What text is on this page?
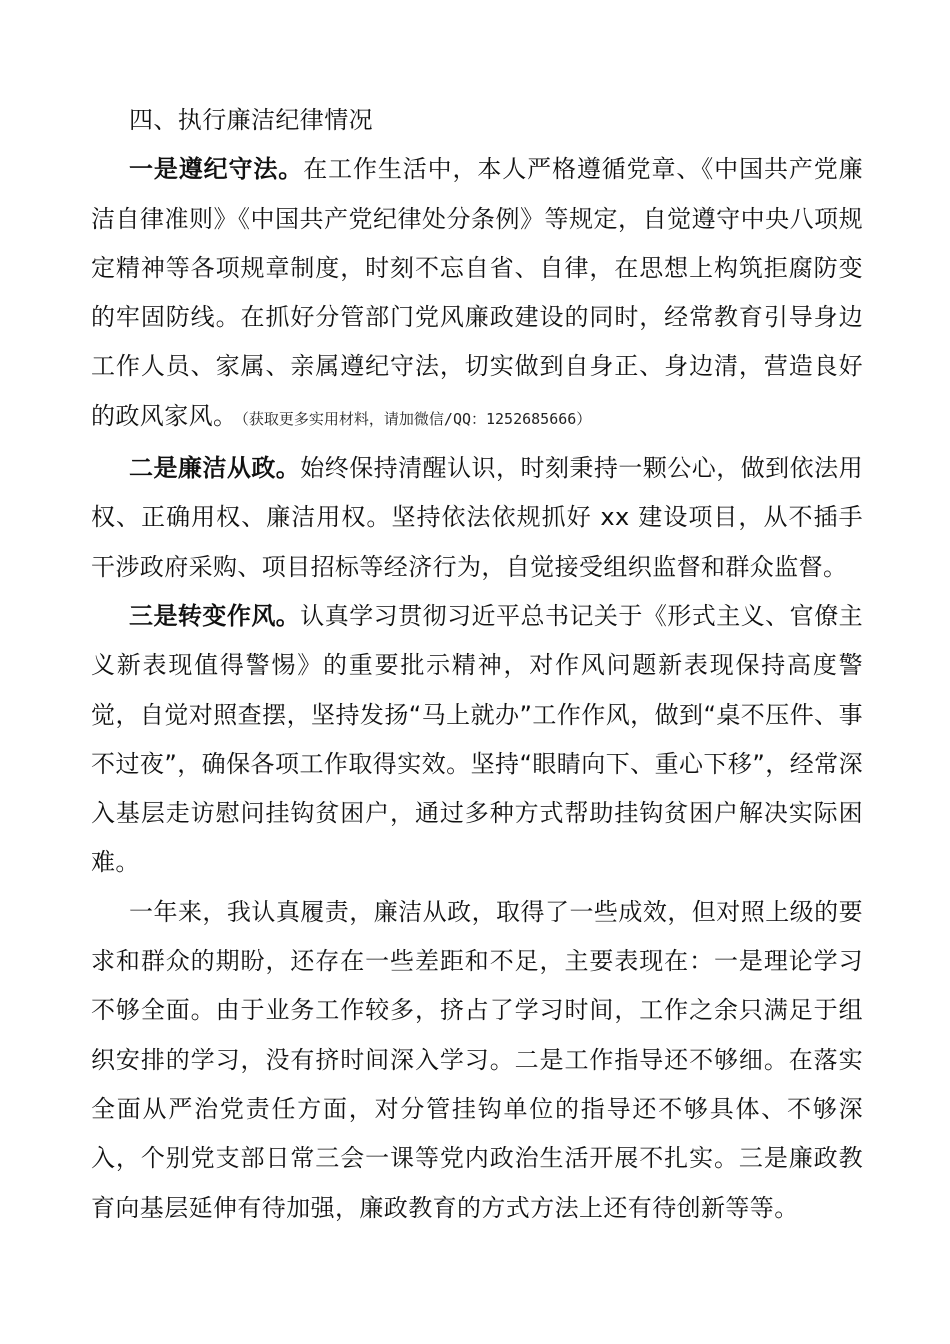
四、执行廉洁纪律情况

一是遵纪守法。在工作生活中，本人严格遵循党章、《中国共产党廉洁自律准则》《中国共产党纪律处分条例》等规定，自觉遵守中央八项规定精神等各项规章制度，时刻不忘自省、自律，在思想上构筑拒腐防变的牢固防线。在抓好分管部门党风廉政建设的同时，经常教育引导身边工作人员、家属、亲属遵纪守法，切实做到自身正、身边清，营造良好的政风家风。 （获取更多实用材料，请加微信/QQ：1252685666）

二是廉洁从政。始终保持清醒认识，时刻秉持一颗公心，做到依法用权、正确用权、廉洁用权。坚持依法依规抓好 xx 建设项目，从不插手干涉政府采购、项目招标等经济行为，自觉接受组织监督和群众监督。

三是转变作风。认真学习贯彻习近平总书记关于《形式主义、官僚主义新表现值得警惕》的重要批示精神，对作风问题新表现保持高度警觉，自觉对照查摆，坚持发扬“马上就办”工作作风，做到“桌不压件、事不过夜”，确保各项工作取得实效。坚持“眼睛向下、重心下移”，经常深入基层走访慰问挂钩贫困户，通过多种方式帮助挂钩贫困户解决实际困难。

一年来，我认真履责，廉洁从政，取得了一些成效，但对照上级的要求和群众的期盼，还存在一些差距和不足，主要表现在：一是理论学习不够全面。由于业务工作较多，挤占了学习时间，工作之余只满足于组织安排的学习，没有挤时间深入学习。二是工作指导还不够细。在落实全面从严治党责任方面，对分管挂钩单位的指导还不够具体、不够深入，个别党支部日常三会一课等党内政治生活开展不扎实。三是廉政教育向基层延伸有待加强，廉政教育的方式方法上还有待创新等等。
